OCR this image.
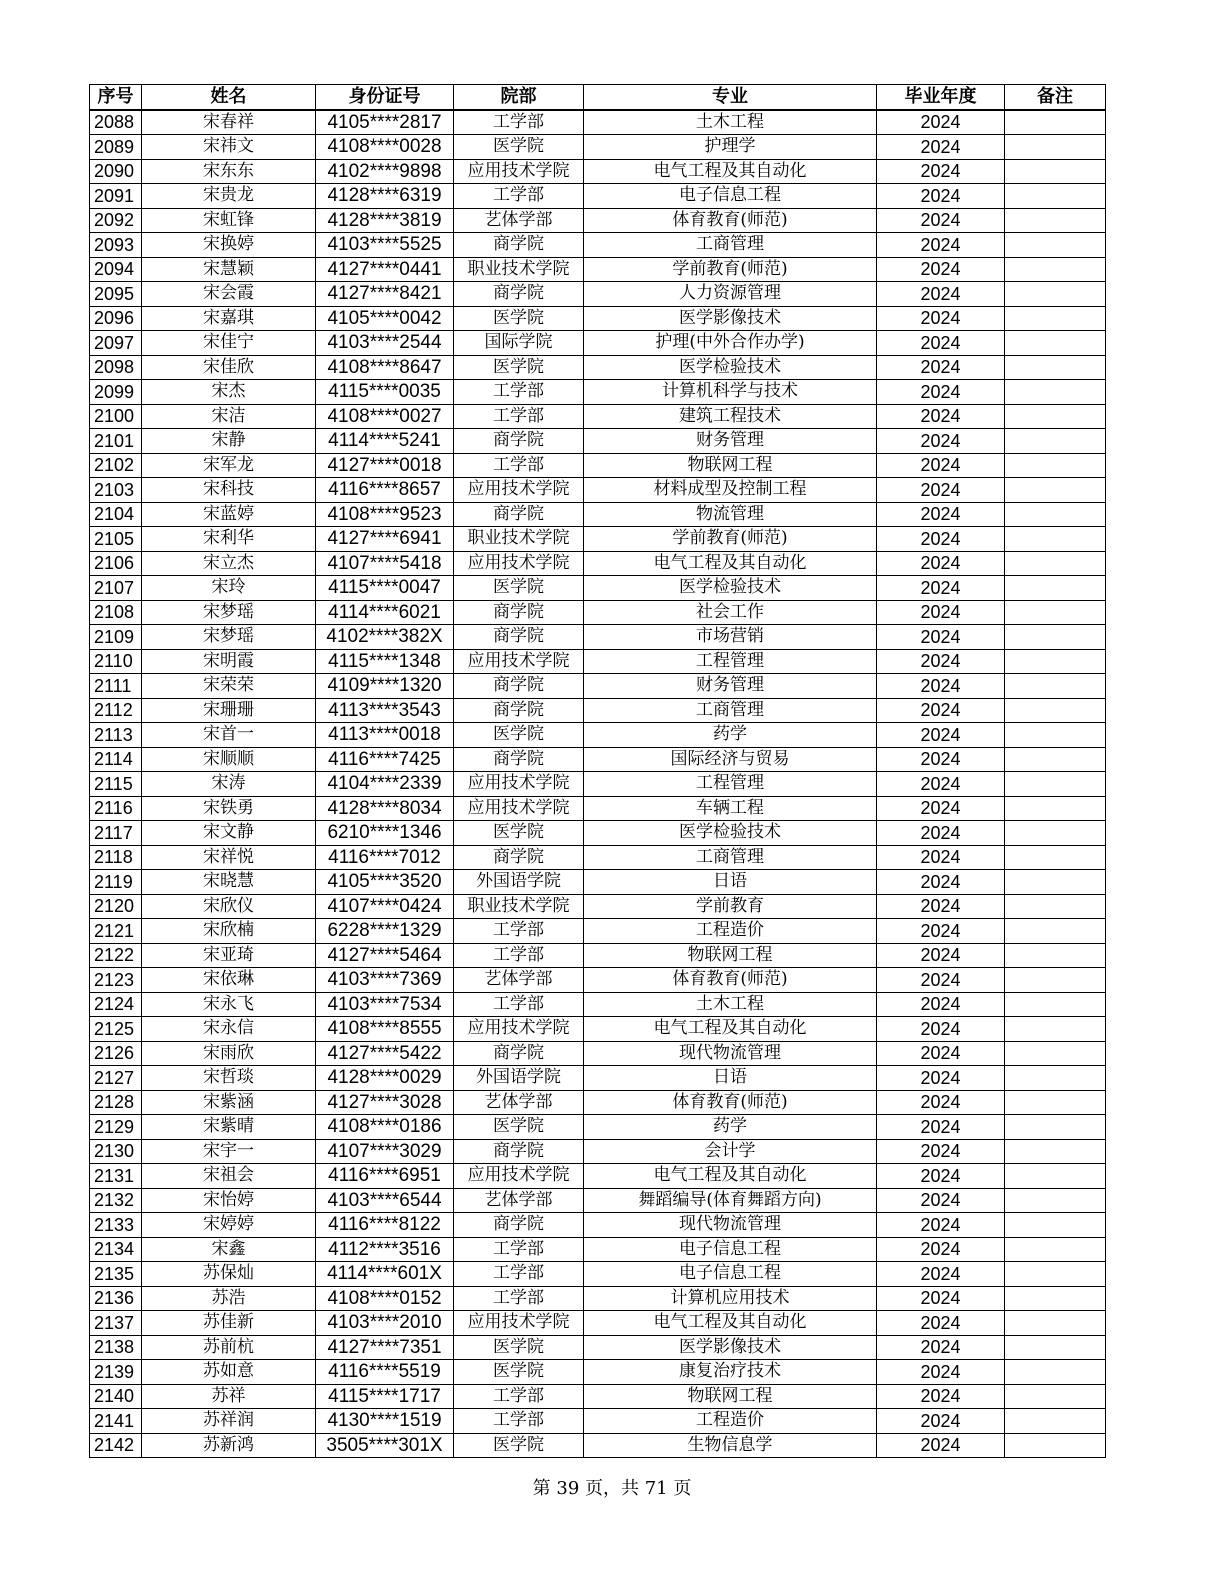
序号	姓名	身份证号	院部	专业	毕业年度	备注
2088	宋春祥	4105****2817	工学部	土木工程	2024	
2089	宋祎文	4108****0028	医学院	护理学	2024	
2090	宋东东	4102****9898	应用技术学院	电气工程及其自动化	2024	
2091	宋贵龙	4128****6319	工学部	电子信息工程	2024	
2092	宋虹锋	4128****3819	艺体学部	体育教育(师范)	2024	
2093	宋换婷	4103****5525	商学院	工商管理	2024	
2094	宋慧颖	4127****0441	职业技术学院	学前教育(师范)	2024	
2095	宋会霞	4127****8421	商学院	人力资源管理	2024	
2096	宋嘉琪	4105****0042	医学院	医学影像技术	2024	
2097	宋佳宁	4103****2544	国际学院	护理(中外合作办学)	2024	
2098	宋佳欣	4108****8647	医学院	医学检验技术	2024	
2099	宋杰	4115****0035	工学部	计算机科学与技术	2024	
2100	宋洁	4108****0027	工学部	建筑工程技术	2024	
2101	宋静	4114****5241	商学院	财务管理	2024	
2102	宋军龙	4127****0018	工学部	物联网工程	2024	
2103	宋科技	4116****8657	应用技术学院	材料成型及控制工程	2024	
2104	宋蓝婷	4108****9523	商学院	物流管理	2024	
2105	宋利华	4127****6941	职业技术学院	学前教育(师范)	2024	
2106	宋立杰	4107****5418	应用技术学院	电气工程及其自动化	2024	
2107	宋玲	4115****0047	医学院	医学检验技术	2024	
2108	宋梦瑶	4114****6021	商学院	社会工作	2024	
2109	宋梦瑶	4102****382X	商学院	市场营销	2024	
2110	宋明霞	4115****1348	应用技术学院	工程管理	2024	
2111	宋荣荣	4109****1320	商学院	财务管理	2024	
2112	宋珊珊	4113****3543	商学院	工商管理	2024	
2113	宋首一	4113****0018	医学院	药学	2024	
2114	宋顺顺	4116****7425	商学院	国际经济与贸易	2024	
2115	宋涛	4104****2339	应用技术学院	工程管理	2024	
2116	宋铁勇	4128****8034	应用技术学院	车辆工程	2024	
2117	宋文静	6210****1346	医学院	医学检验技术	2024	
2118	宋祥悦	4116****7012	商学院	工商管理	2024	
2119	宋晓慧	4105****3520	外国语学院	日语	2024	
2120	宋欣仪	4107****0424	职业技术学院	学前教育	2024	
2121	宋欣楠	6228****1329	工学部	工程造价	2024	
2122	宋亚琦	4127****5464	工学部	物联网工程	2024	
2123	宋依琳	4103****7369	艺体学部	体育教育(师范)	2024	
2124	宋永飞	4103****7534	工学部	土木工程	2024	
2125	宋永信	4108****8555	应用技术学院	电气工程及其自动化	2024	
2126	宋雨欣	4127****5422	商学院	现代物流管理	2024	
2127	宋哲琰	4128****0029	外国语学院	日语	2024	
2128	宋紫涵	4127****3028	艺体学部	体育教育(师范)	2024	
2129	宋紫晴	4108****0186	医学院	药学	2024	
2130	宋宇一	4107****3029	商学院	会计学	2024	
2131	宋祖会	4116****6951	应用技术学院	电气工程及其自动化	2024	
2132	宋怡婷	4103****6544	艺体学部	舞蹈编导(体育舞蹈方向)	2024	
2133	宋婷婷	4116****8122	商学院	现代物流管理	2024	
2134	宋鑫	4112****3516	工学部	电子信息工程	2024	
2135	苏保灿	4114****601X	工学部	电子信息工程	2024	
2136	苏浩	4108****0152	工学部	计算机应用技术	2024	
2137	苏佳新	4103****2010	应用技术学院	电气工程及其自动化	2024	
2138	苏前杭	4127****7351	医学院	医学影像技术	2024	
2139	苏如意	4116****5519	医学院	康复治疗技术	2024	
2140	苏祥	4115****1717	工学部	物联网工程	2024	
2141	苏祥润	4130****1519	工学部	工程造价	2024	
2142	苏新鸿	3505****301X	医学院	生物信息学	2024	
第 39 页，共 71 页
